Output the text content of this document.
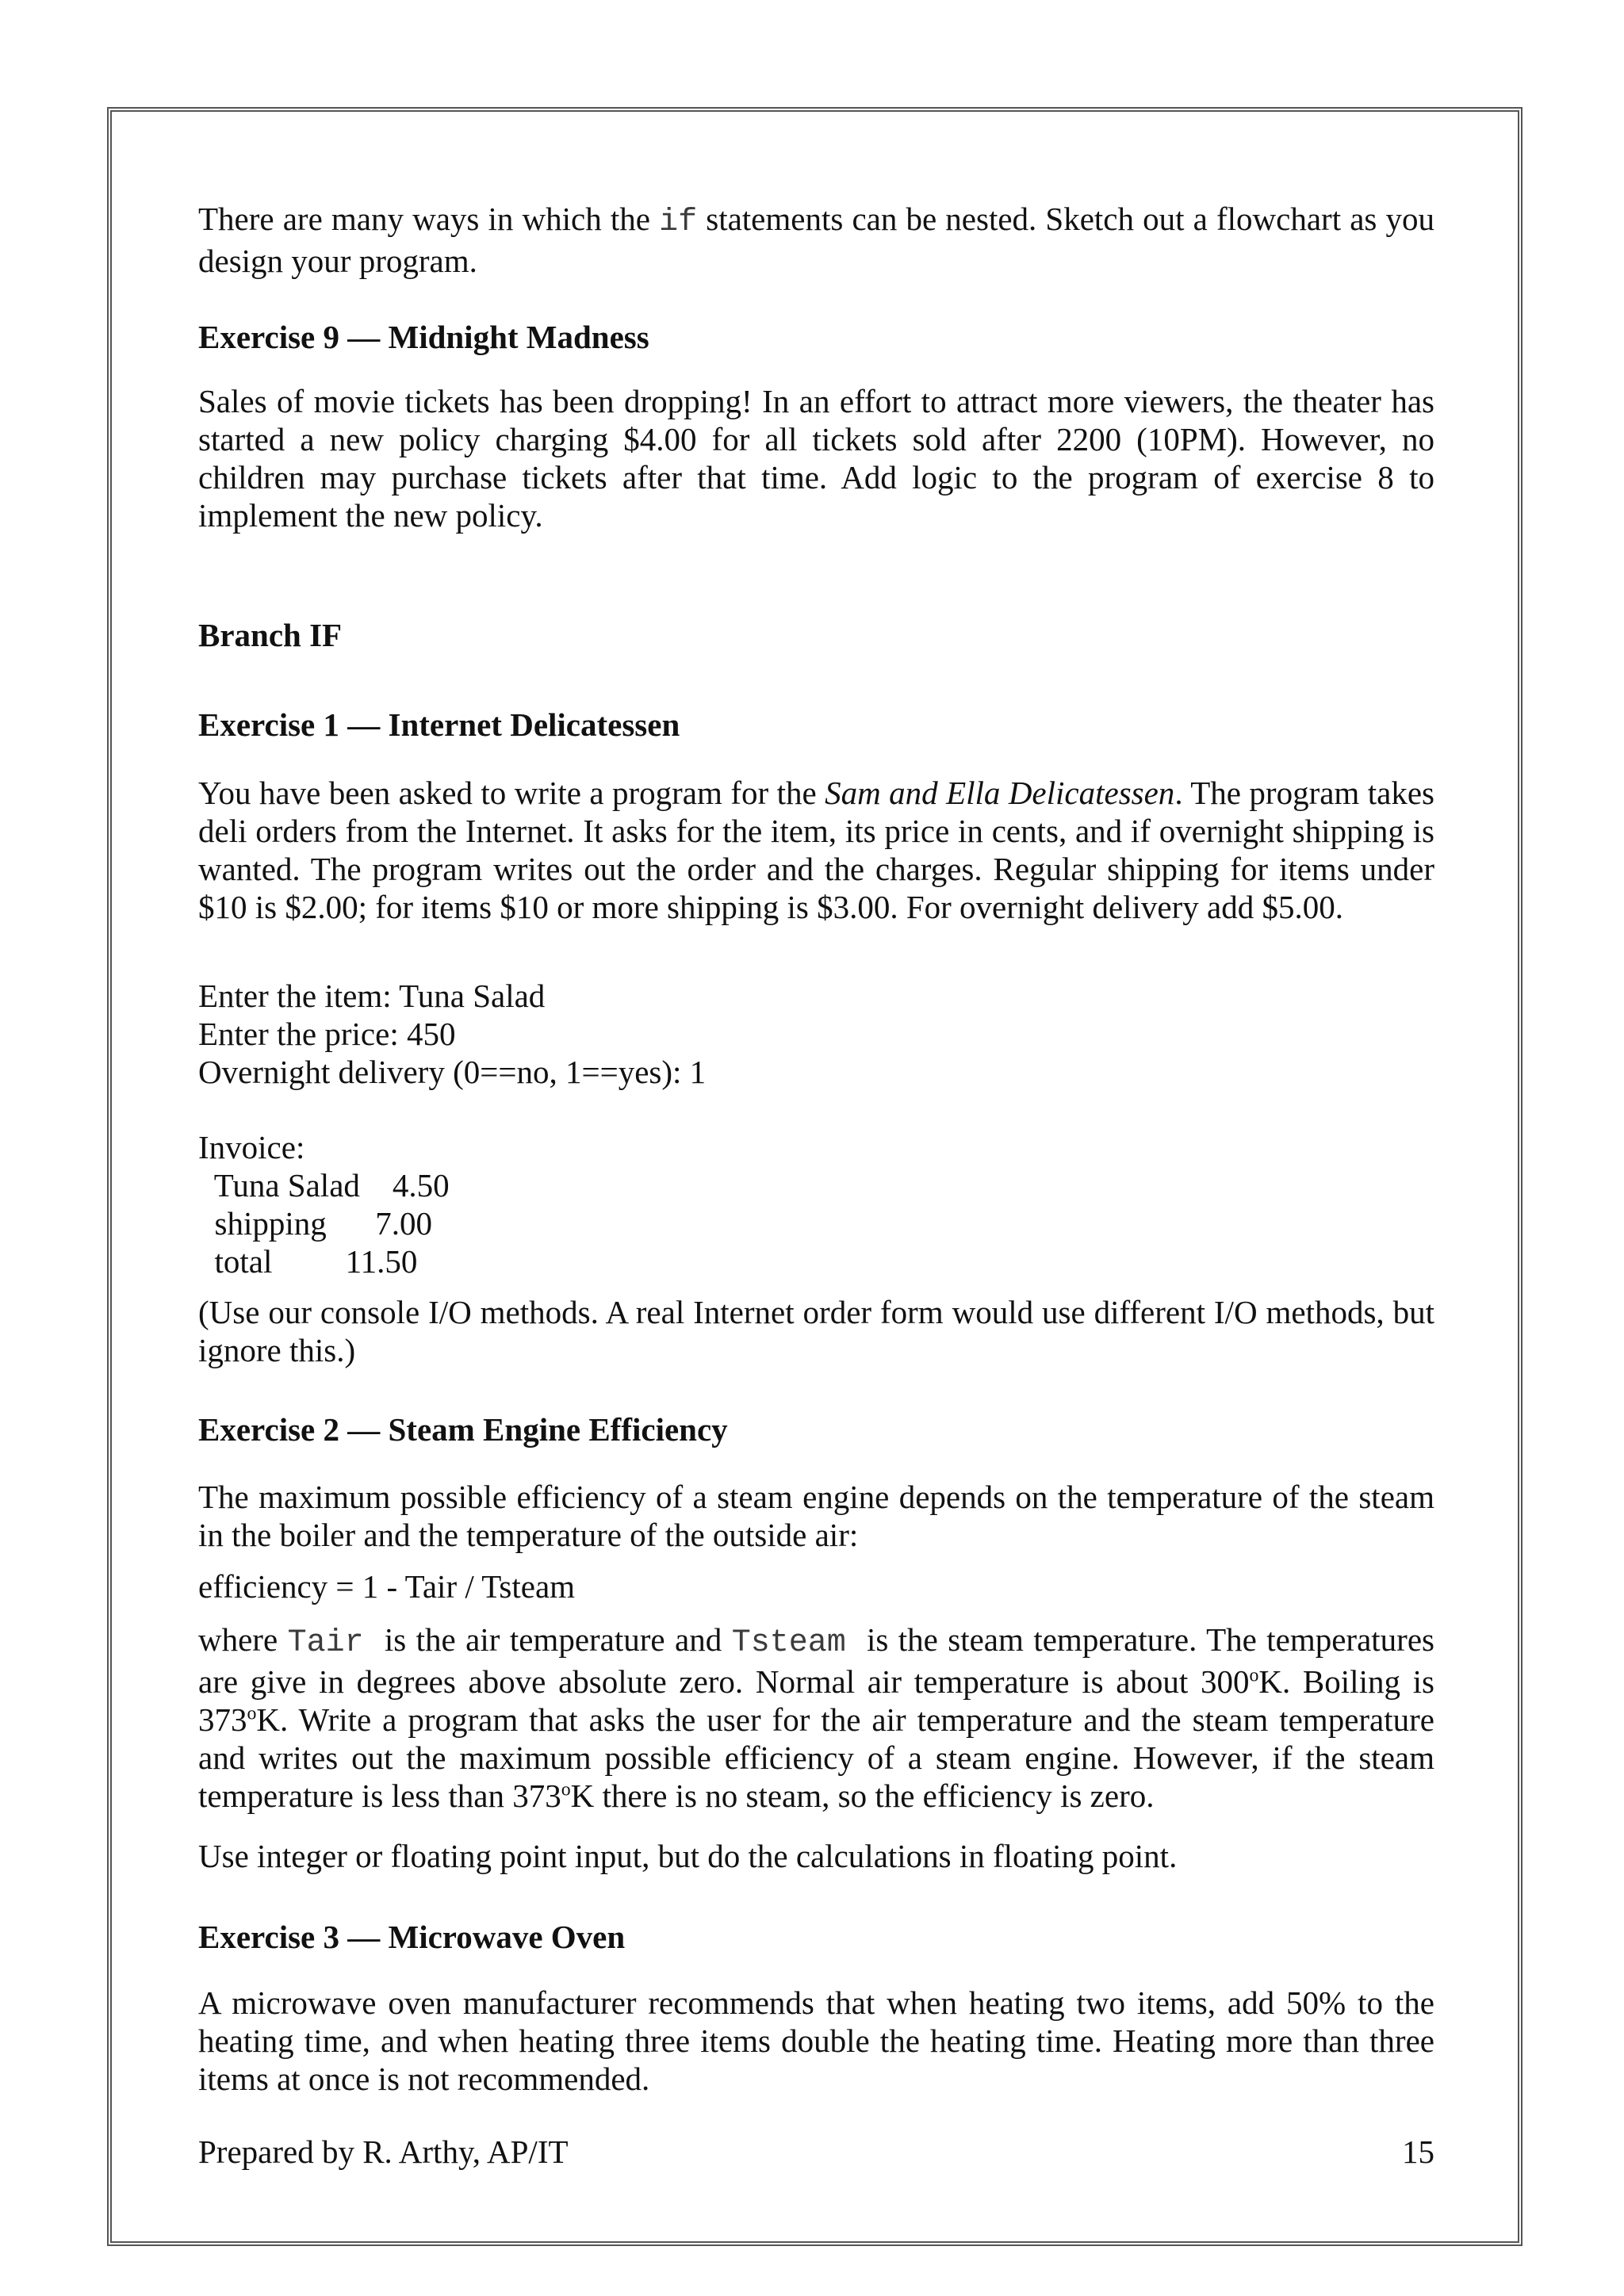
There are many ways in which the if statements can be nested. Sketch out a flowchart as you design your program.
Exercise 9 — Midnight Madness
Sales of movie tickets has been dropping! In an effort to attract more viewers, the theater has started a new policy charging $4.00 for all tickets sold after 2200 (10PM). However, no children may purchase tickets after that time. Add logic to the program of exercise 8 to implement the new policy.
Branch IF
Exercise 1 — Internet Delicatessen
You have been asked to write a program for the Sam and Ella Delicatessen. The program takes deli orders from the Internet. It asks for the item, its price in cents, and if overnight shipping is wanted. The program writes out the order and the charges. Regular shipping for items under $10 is $2.00; for items $10 or more shipping is $3.00. For overnight delivery add $5.00.
Enter the item: Tuna Salad
Enter the price: 450
Overnight delivery (0==no, 1==yes): 1
Invoice:
Tuna Salad    4.50
shipping      7.00
total         11.50
(Use our console I/O methods. A real Internet order form would use different I/O methods, but ignore this.)
Exercise 2 — Steam Engine Efficiency
The maximum possible efficiency of a steam engine depends on the temperature of the steam in the boiler and the temperature of the outside air:
efficiency = 1 - Tair / Tsteam
where Tair is the air temperature and Tsteam is the steam temperature. The temperatures are give in degrees above absolute zero. Normal air temperature is about 300$^o$K. Boiling is 373$^o$K. Write a program that asks the user for the air temperature and the steam temperature and writes out the maximum possible efficiency of a steam engine. However, if the steam temperature is less than 373$^o$K there is no steam, so the efficiency is zero.
Use integer or floating point input, but do the calculations in floating point.
Exercise 3 — Microwave Oven
A microwave oven manufacturer recommends that when heating two items, add 50% to the heating time, and when heating three items double the heating time. Heating more than three items at once is not recommended.
Prepared by R. Arthy, AP/IT	15
